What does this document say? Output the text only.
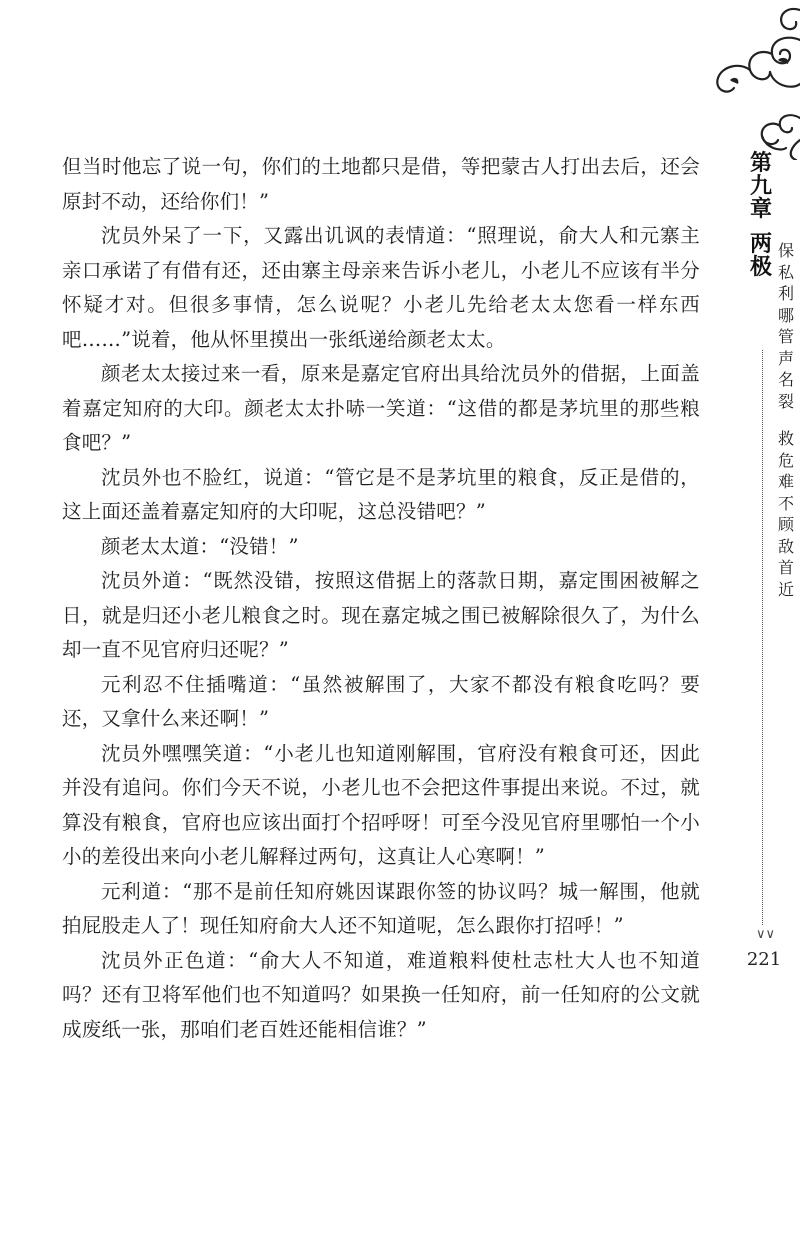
但当时他忘了说一句，你们的土地都只是借，等把蒙古人打出去后，还会原封不动，还给你们！”

沈员外呆了一下，又露出讥讽的表情道：“照理说，俞大人和元寨主亲口承诺了有借有还，还由寨主母亲来告诉小老儿，小老儿不应该有半分怀疑才对。但很多事情，怎么说呢？小老儿先给老太太您看一样东西吧……”说着，他从怀里摸出一张纸递给颜老太太。

颜老太太接过来一看，原来是嘉定官府出具给沈员外的借据，上面盖着嘉定知府的大印。颜老太太扑哧一笑道：“这借的都是茅坑里的那些粮食吧？”

沈员外也不脸红，说道：“管它是不是茅坑里的粮食，反正是借的，这上面还盖着嘉定知府的大印呢，这总没错吧？”

颜老太太道：“没错！”

沈员外道：“既然没错，按照这借据上的落款日期，嘉定围困被解之日，就是归还小老儿粮食之时。现在嘉定城之围已被解除很久了，为什么却一直不见官府归还呢？”

元利忍不住插嘴道：“虽然被解围了，大家不都没有粮食吃吗？要还，又拿什么来还啊！”

沈员外嘿嘿笑道：“小老儿也知道刚解围，官府没有粮食可还，因此并没有追问。你们今天不说，小老儿也不会把这件事提出来说。不过，就算没有粮食，官府也应该出面打个招呼呀！可至今没见官府里哪怕一个小小的差役出来向小老儿解释过两句，这真让人心寒啊！”

元利道：“那不是前任知府姚因谋跟你签的协议吗？城一解围，他就拍屁股走人了！现任知府俞大人还不知道呢，怎么跟你打招呼！”

沈员外正色道：“俞大人不知道，难道粮料使杜志杜大人也不知道吗？还有卫将军他们也不知道吗？如果换一任知府，前一任知府的公文就成废纸一张，那咱们老百姓还能相信谁？”

第九章
两极
保私利哪管声名裂
救危难不顾敌首近
∨∨
221
